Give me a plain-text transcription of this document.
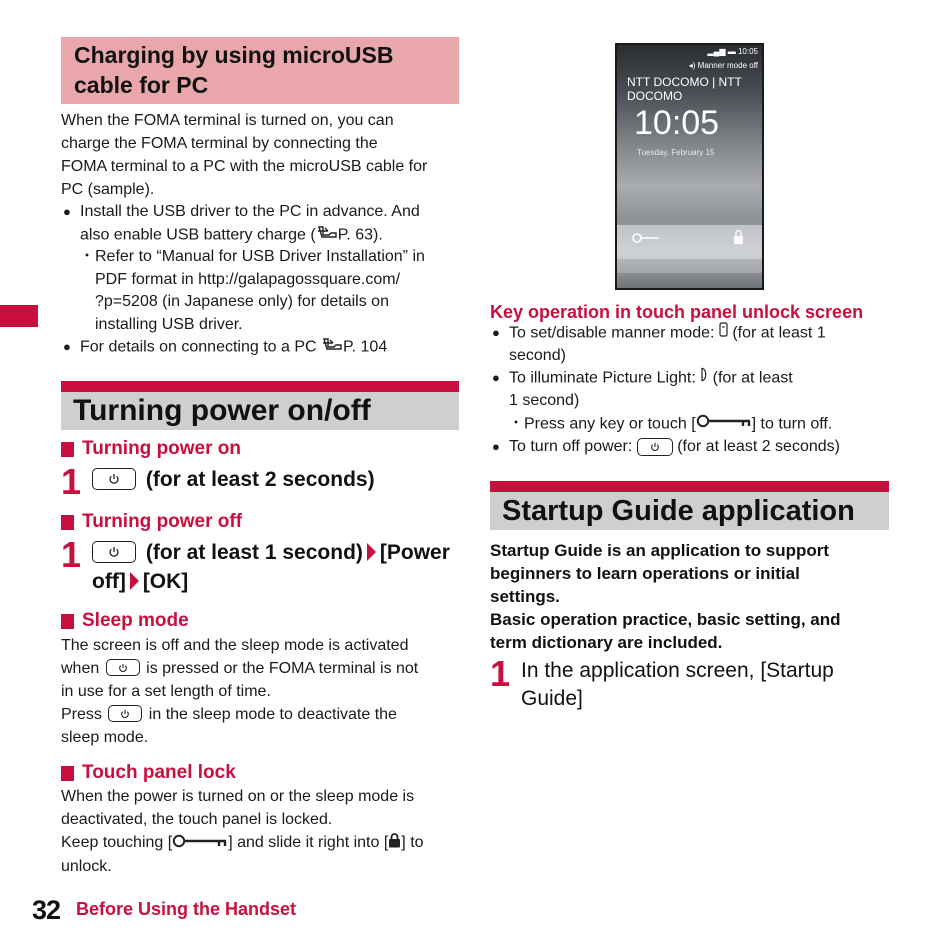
Charging by using microUSB
cable for PC
When the FOMA terminal is turned on, you can
charge the FOMA terminal by connecting the
FOMA terminal to a PC with the microUSB cable for
PC (sample).
● Install the USB driver to the PC in advance. And
also enable USB battery charge ( P. 63).
・ Refer to “Manual for USB Driver Installation” in
PDF format in http://galapagossquare.com/
?p=5208 (in Japanese only) for details on
installing USB driver.
● For details on connecting to a PC P. 104
Turning power on/off
Turning power on
1	(for at least 2 seconds)
Turning power off
1	(for at least 1 second) [Power
off] [OK]
Sleep mode
The screen is off and the sleep mode is activated
when
is pressed or the FOMA terminal is not
in use for a set length of time.
Press
in the sleep mode to deactivate the
sleep mode.
Touch panel lock
When the power is turned on or the sleep mode is
deactivated, the touch panel is locked.
Keep touching [	] and slide it right into [ ] to
unlock.
▂▄▆ ▬ 10:05
◂) Manner mode off
NTT DOCOMO | NTT DOCOMO
10:05
Tuesday, February 15
Key operation in touch panel unlock screen
● To set/disable manner mode:  (for at least 1
second)
● To illuminate Picture Light:  (for at least
1 second)
・ Press any key or touch [	] to turn off.
● To turn off power:
(for at least 2 seconds)
Startup Guide application
Startup Guide is an application to support
beginners to learn operations or initial
settings.
Basic operation practice, basic setting, and
term dictionary are included.
1 In the application screen, [Startup
Guide]
32 Before Using the Handset
